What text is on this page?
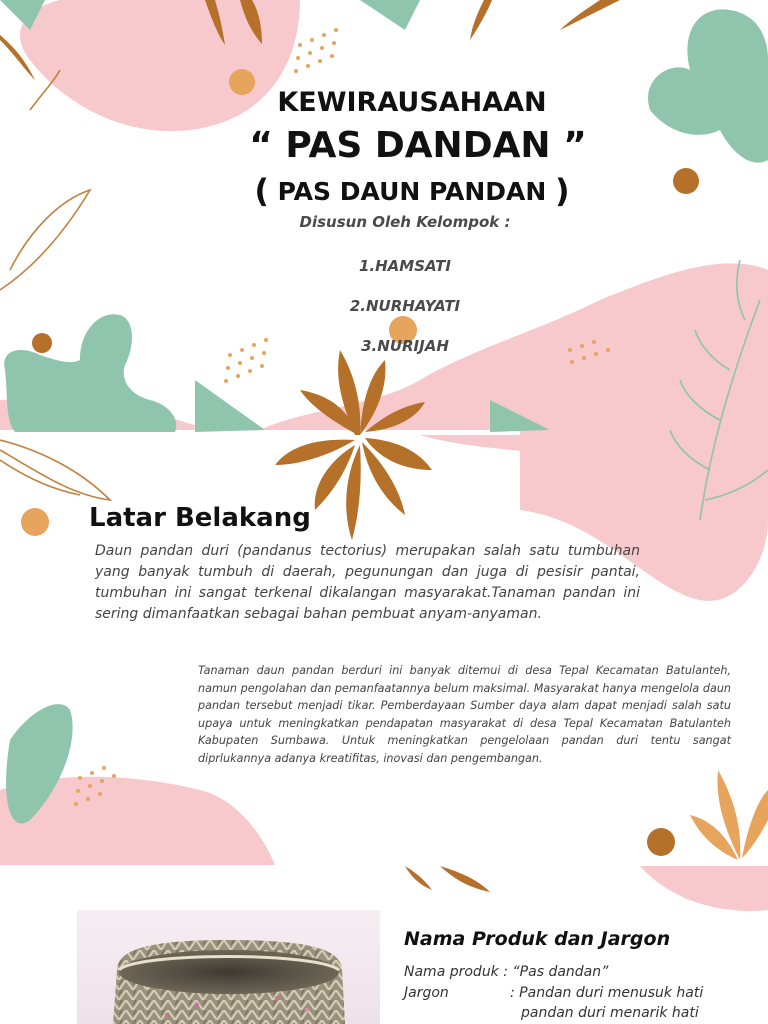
KEWIRAUSAHAAN
“ PAS DANDAN ”
( PAS DAUN PANDAN )
Disusun Oleh Kelompok :
1.HAMSATI
2.NURHAYATI
3.NURIJAH
Latar Belakang
Daun pandan duri (pandanus tectorius) merupakan salah satu tumbuhan yang banyak tumbuh di daerah, pegunungan dan juga di pesisir pantai, tumbuhan ini sangat terkenal dikalangan masyarakat.Tanaman pandan ini sering dimanfaatkan sebagai bahan pembuat anyam-anyaman.
Tanaman daun pandan berduri ini banyak ditemui di desa Tepal Kecamatan Batulanteh, namun pengolahan dan pemanfaatannya belum maksimal. Masyarakat hanya mengelola daun pandan tersebut menjadi tikar. Pemberdayaan Sumber daya alam dapat menjadi salah satu upaya untuk meningkatkan pendapatan masyarakat di desa Tepal Kecamatan Batulanteh Kabupaten Sumbawa. Untuk meningkatkan pengelolaan pandan duri tentu sangat diprlukannya adanya kreatifitas, inovasi dan pengembangan.
Nama Produk dan Jargon
Nama produk : “Pas dandan”
Jargon	: Pandan duri menusuk hati
pandan duri menarik hati
